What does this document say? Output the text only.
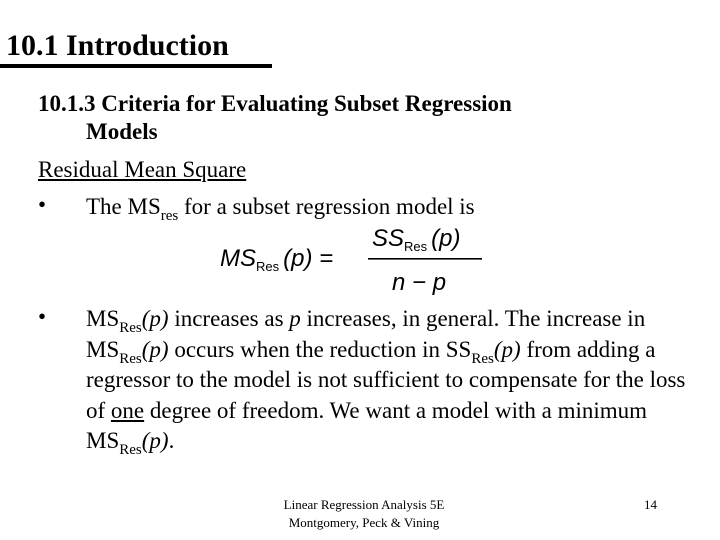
10.1 Introduction
10.1.3 Criteria for Evaluating Subset Regression
Models
Residual Mean Square
• The $MS_{res}$ for a subset regression model is
$MS_{Res}$ (p) =
$SS_{Res}$ (p)
n − p
• $MS_{Res}(p)$ increases as p increases, in general. The increase in $MS_{Res}(p)$ occurs when the reduction in $SS_{Res}(p)$ from adding a regressor to the model is not sufficient to compensate for the loss of one degree of freedom. We want a model with a minimum $MS_{Res}(p)$.
Linear Regression Analysis 5E
Montgomery, Peck & Vining
14
